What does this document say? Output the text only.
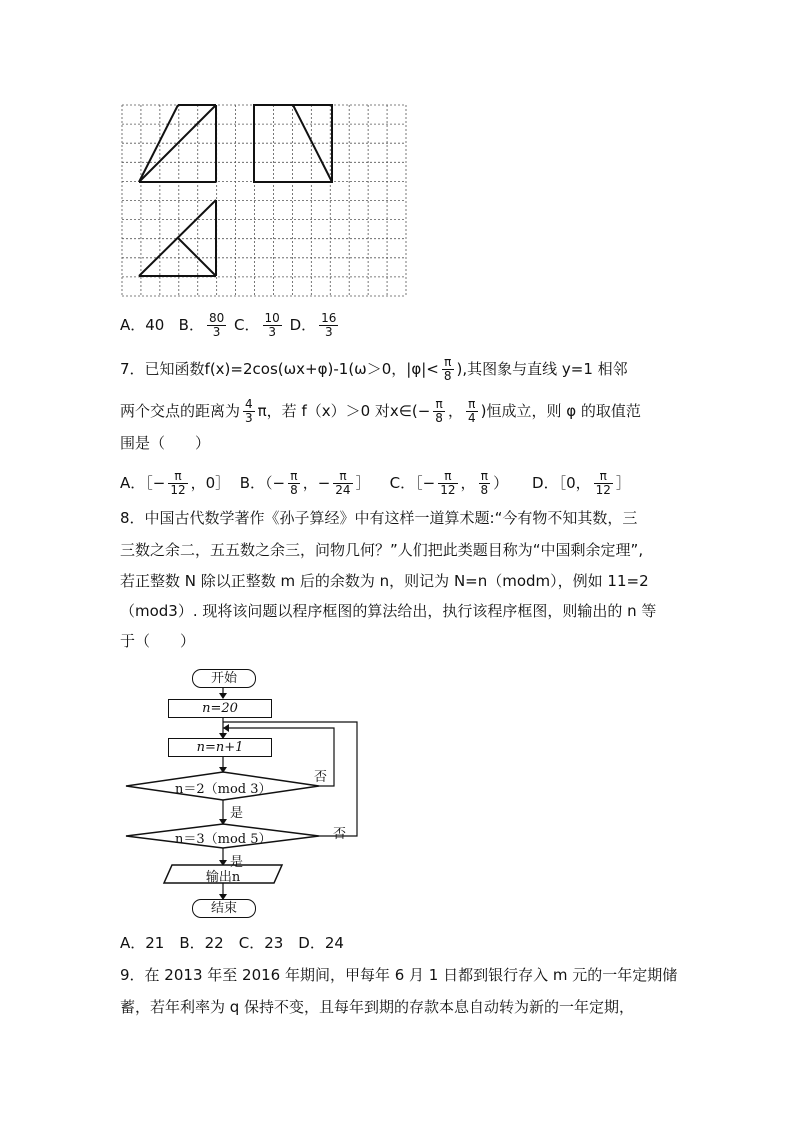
A．40 B． $\frac{80}{3}$ C． $\frac{10}{3}$ D． $\frac{16}{3}$
7．已知函数f(x)=2cos(ωx+φ)-1(ω＞0，$|\varphi|< \frac{\pi}{8}$ ),其图象与直线 y=1 相邻
两个交点的距离为 $\frac{4}{3}$ π，若 f（x）＞0 对x∈(− $\frac{\pi}{8}$ ， $\frac{\pi}{4}$ )恒成立，则 φ 的取值范
围是（　　）
A．［− $\frac{\pi}{12}$ ，0］ B．（− $\frac{\pi}{8}$ ，− $\frac{\pi}{24}$ ］ C．［− $\frac{\pi}{12}$ ， $\frac{\pi}{8}$ ） D．［0， $\frac{\pi}{12}$ ］
8．中国古代数学著作《孙子算经》中有这样一道算术题:“今有物不知其数，三
三数之余二，五五数之余三，问物几何？”人们把此类题目称为“中国剩余定理”,
若正整数 N 除以正整数 m 后的余数为 n，则记为 N=n（modm），例如 11=2
（mod3）. 现将该问题以程序框图的算法给出，执行该程序框图，则输出的 n 等
于（　　）
开始
n=20
n=n+1
n＝2（mod 3）
n＝3（mod 5）
输出n
结束
否
是
否
是
A．21　B．22　C．23　D．24
9．在 2013 年至 2016 年期间，甲每年 6 月 1 日都到银行存入 m 元的一年定期储
蓄，若年利率为 q 保持不变，且每年到期的存款本息自动转为新的一年定期，
